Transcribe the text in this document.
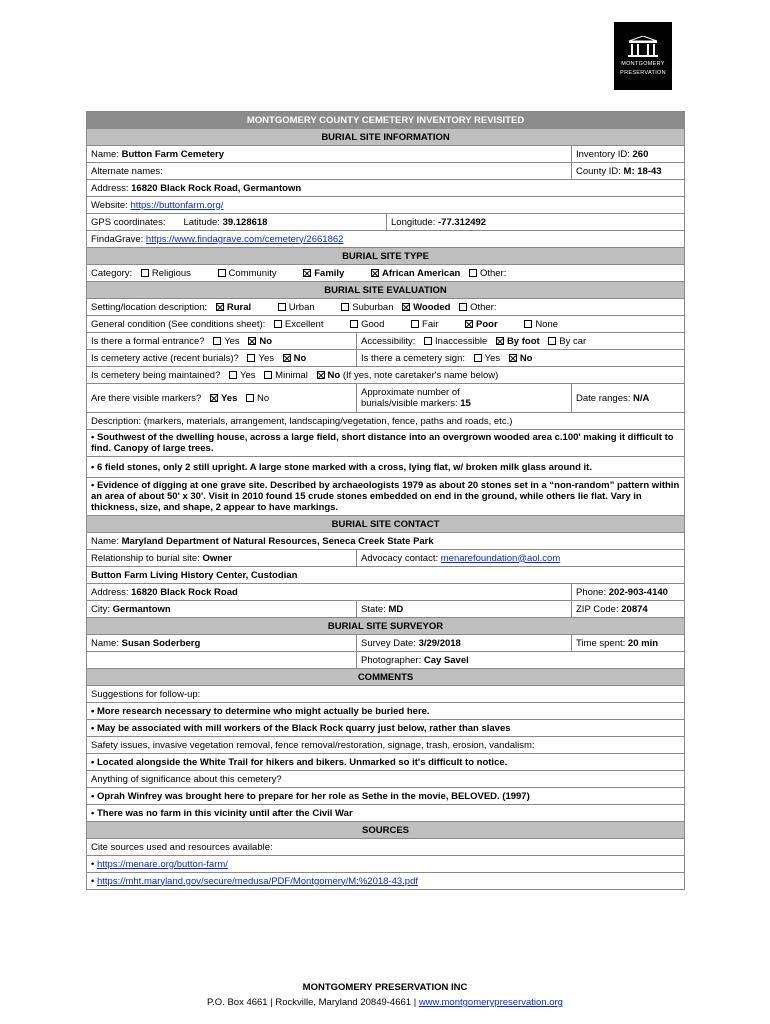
MONTGOMERY
PRESERVATION
MONTGOMERY COUNTY CEMETERY INVENTORY REVISITED			
BURIAL SITE INFORMATION			
Name: Button Farm Cemetery			Inventory ID: 260
Alternate names:			County ID: M: 18-43
Address: 16820 Black Rock Road, Germantown			
Website: https://buttonfarm.org/			
GPS coordinates: Latitude: 39.128618		Longitude: -77.312492	
FindaGrave: https://www.findagrave.com/cemetery/2661862			
BURIAL SITE TYPE			
Category: Religious Community Family African American Other:			
BURIAL SITE EVALUATION			
Setting/location description: Rural Urban Suburban Wooded Other:			
General condition (See conditions sheet): Excellent Good Fair Poor None			
Is there a formal entrance? Yes No	Accessibility: Inaccessible By foot By car		
Is cemetery active (recent burials)? Yes No	Is there a cemetery sign: Yes No		
Is cemetery being maintained? Yes Minimal No (If yes, note caretaker's name below)			
Are there visible markers? Yes No	Approximate number of
burials/visible markers: 15		Date ranges: N/A
Description: (markers, materials, arrangement, landscaping/vegetation, fence, paths and roads, etc.)			
• Southwest of the dwelling house, across a large field, short distance into an overgrown wooded area c.100' making it difficult to find. Canopy of large trees.			
• 6 field stones, only 2 still upright. A large stone marked with a cross, lying flat, w/ broken milk glass around it.			
• Evidence of digging at one grave site. Described by archaeologists 1979 as about 20 stones set in a “non-random” pattern within an area of about 50' x 30'. Visit in 2010 found 15 crude stones embedded on end in the ground, while others lie flat. Vary in thickness, size, and shape, 2 appear to have markings.			
BURIAL SITE CONTACT			
Name: Maryland Department of Natural Resources, Seneca Creek State Park			
Relationship to burial site: Owner	Advocacy contact: menarefoundation@aol.com		
Button Farm Living History Center, Custodian			
Address: 16820 Black Rock Road			Phone: 202-903-4140
City: Germantown	State: MD		ZIP Code: 20874
BURIAL SITE SURVEYOR			
Name: Susan Soderberg	Survey Date: 3/29/2018		Time spent: 20 min
	Photographer: Cay Savel		
COMMENTS			
Suggestions for follow-up:			
• More research necessary to determine who might actually be buried here.			
• May be associated with mill workers of the Black Rock quarry just below, rather than slaves			
Safety issues, invasive vegetation removal, fence removal/restoration, signage, trash, erosion, vandalism:			
• Located alongside the White Trail for hikers and bikers. Unmarked so it's difficult to notice.			
Anything of significance about this cemetery?			
• Oprah Winfrey was brought here to prepare for her role as Sethe in the movie, BELOVED. (1997)			
• There was no farm in this vicinity until after the Civil War			
SOURCES			
Cite sources used and resources available:			
• https://menare.org/button-farm/			
• https://mht.maryland.gov/secure/medusa/PDF/Montgomery/M:%2018-43.pdf			
MONTGOMERY PRESERVATION INC
P.O. Box 4661 | Rockville, Maryland 20849-4661 | www.montgomerypreservation.org
